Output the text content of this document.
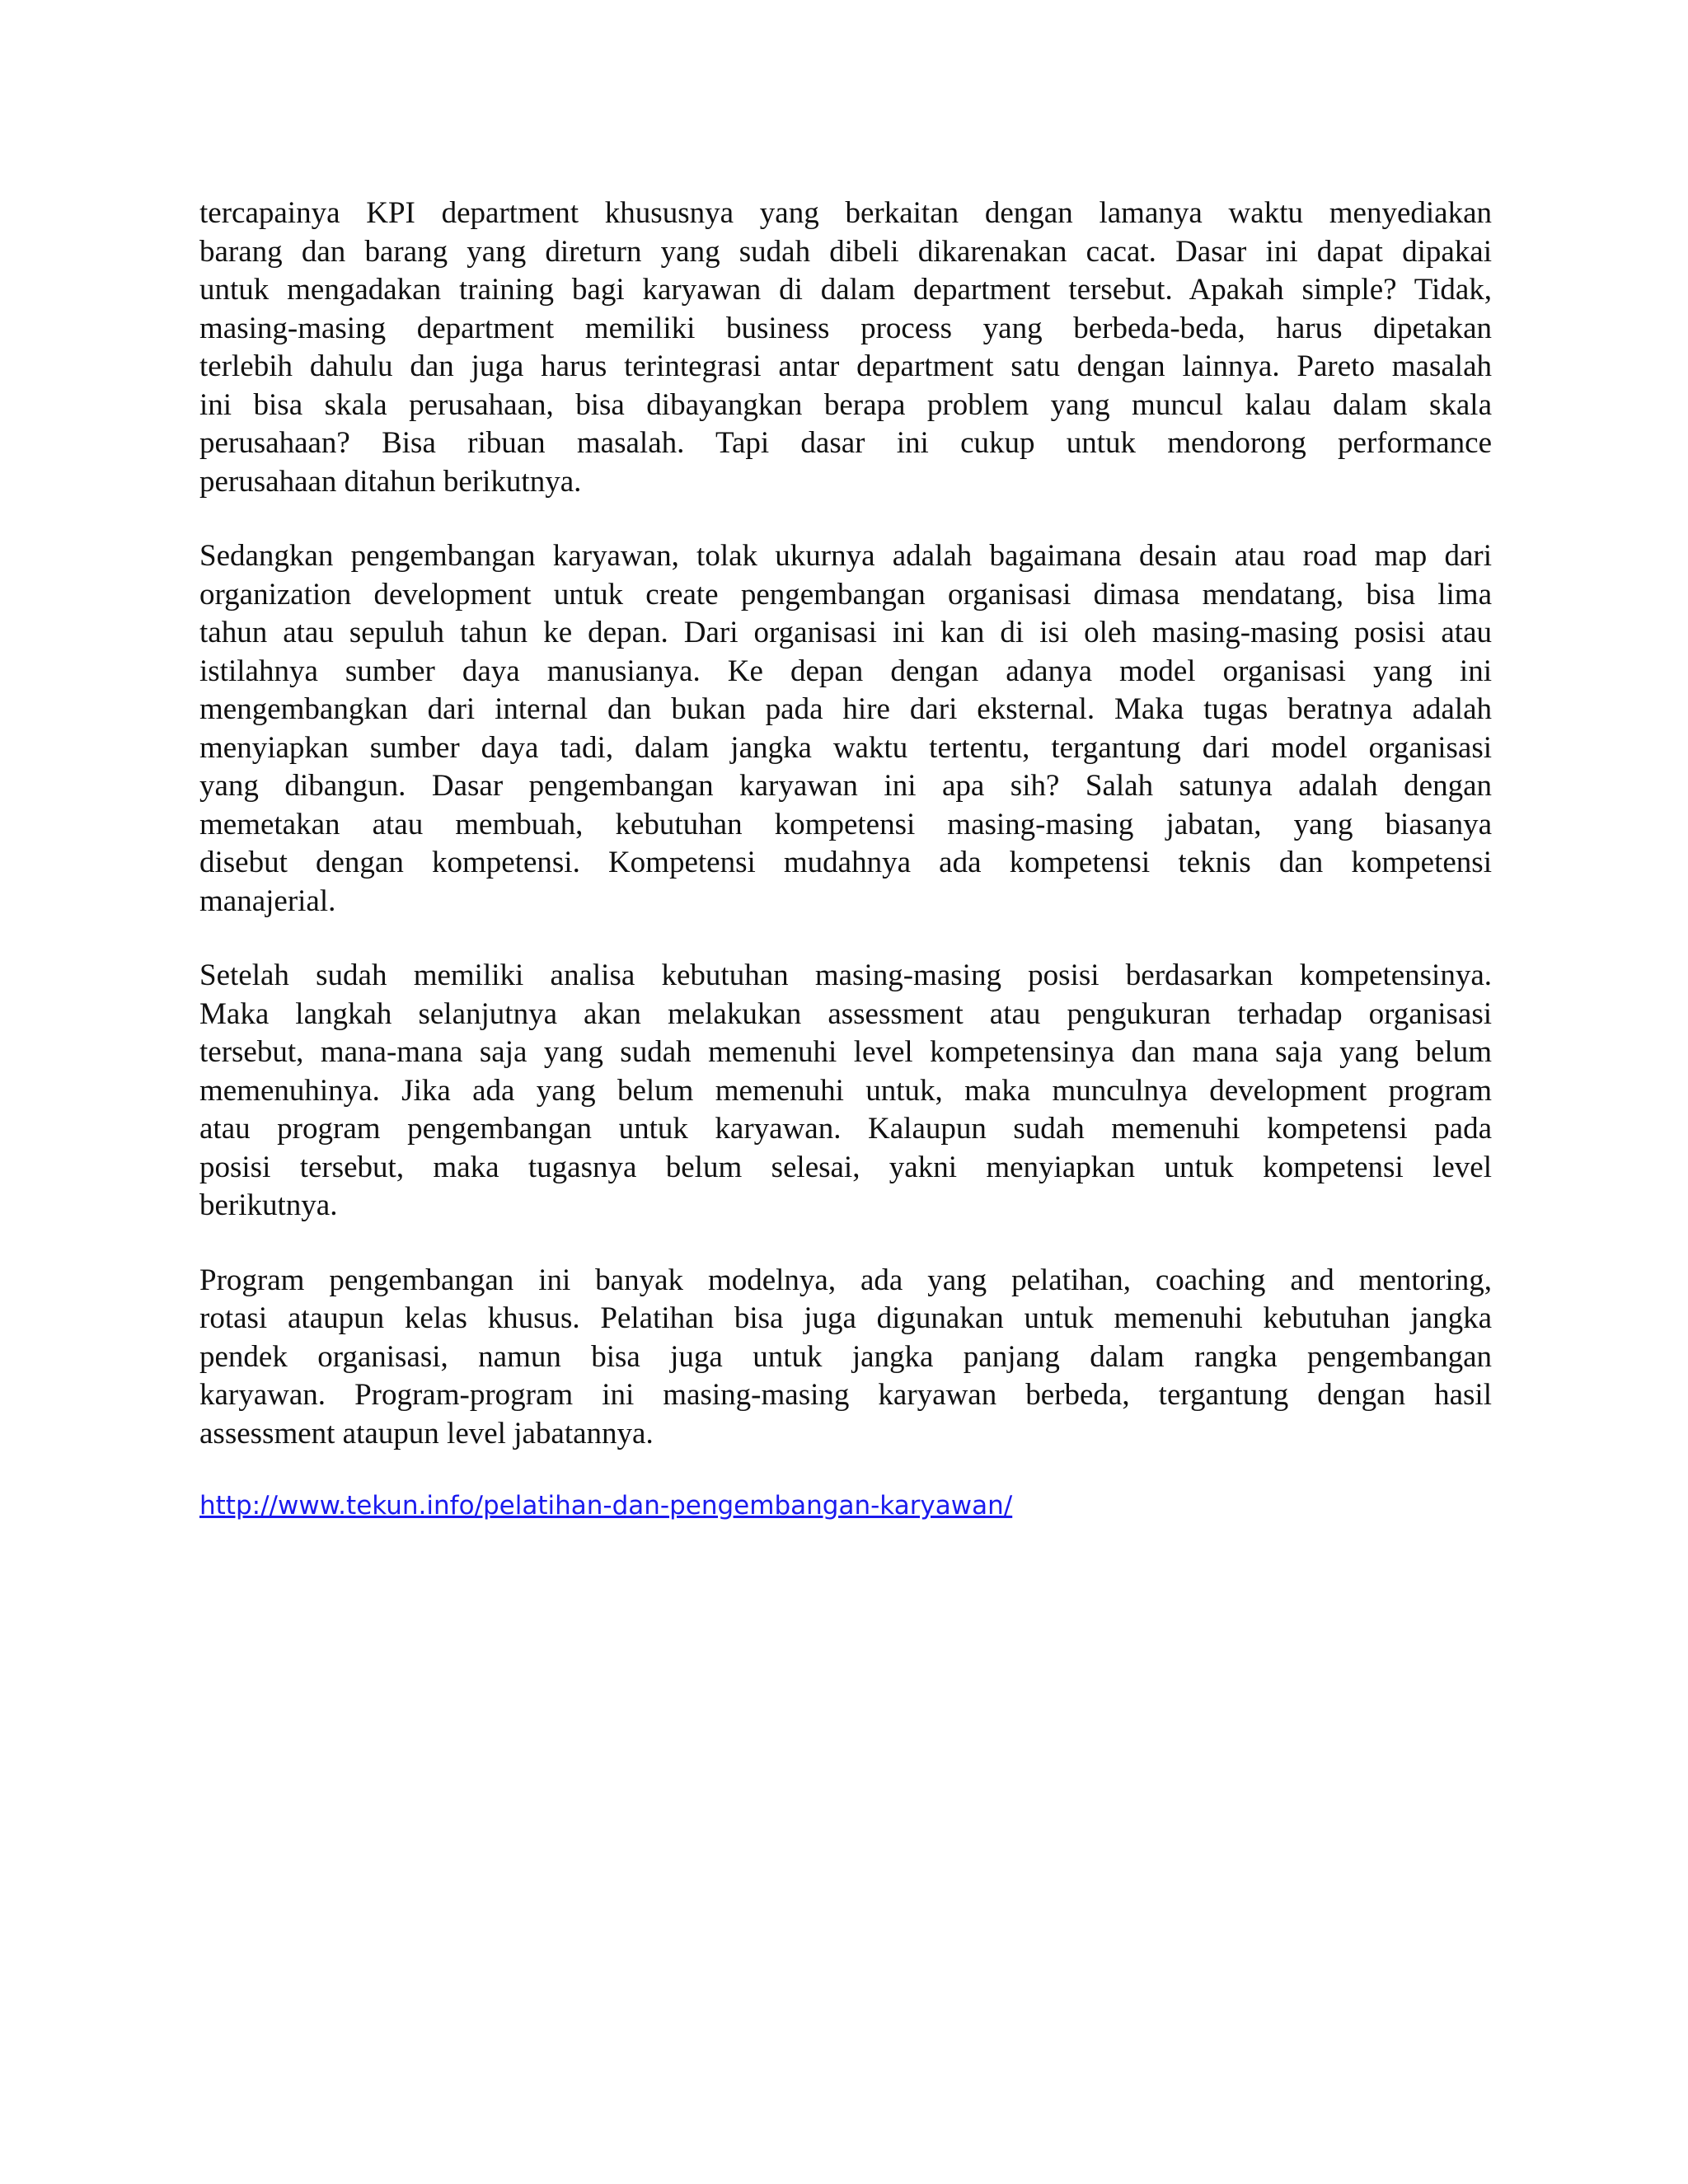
tercapainya KPI department khususnya yang berkaitan dengan lamanya waktu menyediakan
barang dan barang yang direturn yang sudah dibeli dikarenakan cacat. Dasar ini dapat dipakai
untuk mengadakan training bagi karyawan di dalam department tersebut. Apakah simple? Tidak,
masing-masing department memiliki business process yang berbeda-beda, harus dipetakan
terlebih dahulu dan juga harus terintegrasi antar department satu dengan lainnya. Pareto masalah
ini bisa skala perusahaan, bisa dibayangkan berapa problem yang muncul kalau dalam skala
perusahaan? Bisa ribuan masalah. Tapi dasar ini cukup untuk mendorong performance
perusahaan ditahun berikutnya.

Sedangkan pengembangan karyawan, tolak ukurnya adalah bagaimana desain atau road map dari
organization development untuk create pengembangan organisasi dimasa mendatang, bisa lima
tahun atau sepuluh tahun ke depan. Dari organisasi ini kan di isi oleh masing-masing posisi atau
istilahnya sumber daya manusianya. Ke depan dengan adanya model organisasi yang ini
mengembangkan dari internal dan bukan pada hire dari eksternal. Maka tugas beratnya adalah
menyiapkan sumber daya tadi, dalam jangka waktu tertentu, tergantung dari model organisasi
yang dibangun. Dasar pengembangan karyawan ini apa sih? Salah satunya adalah dengan
memetakan atau membuah, kebutuhan kompetensi masing-masing jabatan, yang biasanya
disebut dengan kompetensi. Kompetensi mudahnya ada kompetensi teknis dan kompetensi
manajerial.

Setelah sudah memiliki analisa kebutuhan masing-masing posisi berdasarkan kompetensinya.
Maka langkah selanjutnya akan melakukan assessment atau pengukuran terhadap organisasi
tersebut, mana-mana saja yang sudah memenuhi level kompetensinya dan mana saja yang belum
memenuhinya. Jika ada yang belum memenuhi untuk, maka munculnya development program
atau program pengembangan untuk karyawan. Kalaupun sudah memenuhi kompetensi pada
posisi tersebut, maka tugasnya belum selesai, yakni menyiapkan untuk kompetensi level
berikutnya.

Program pengembangan ini banyak modelnya, ada yang pelatihan, coaching and mentoring,
rotasi ataupun kelas khusus. Pelatihan bisa juga digunakan untuk memenuhi kebutuhan jangka
pendek organisasi, namun bisa juga untuk jangka panjang dalam rangka pengembangan
karyawan. Program-program ini masing-masing karyawan berbeda, tergantung dengan hasil
assessment ataupun level jabatannya.

http://www.tekun.info/pelatihan-dan-pengembangan-karyawan/
